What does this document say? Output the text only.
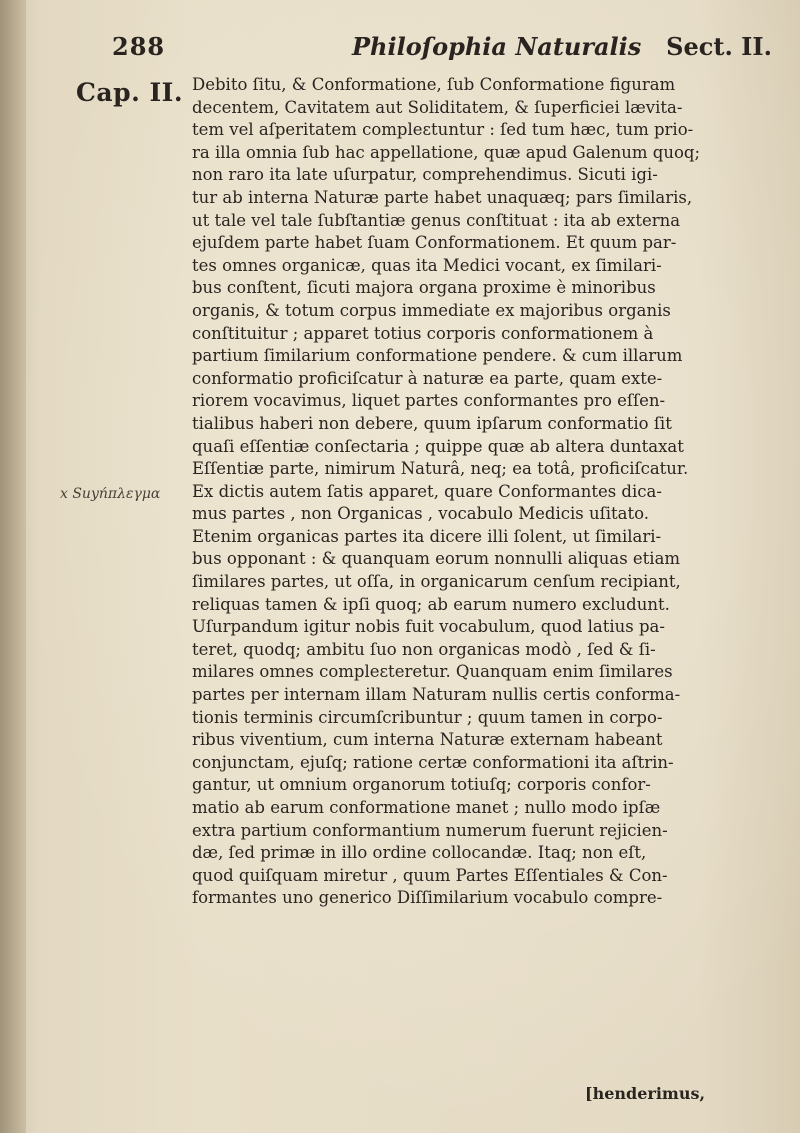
288	Philoſophia Naturalis Sect. II.
Cap. II.
x Suyńπλεγμα
Debito ſitu, & Conformatione, ſub Conformatione figuram
decentem, Cavitatem aut Soliditatem, & ſuperficiei lævita-
tem vel aſperitatem compleɛtuntur : ſed tum hæc, tum prio-
ra illa omnia ſub hac appellatione, quæ apud Galenum quoq;
non raro ita late uſurpatur, comprehendimus. Sicuti igi-
tur ab interna Naturæ parte habet unaquæq; pars ſimilaris,
ut tale vel tale ſubſtantiæ genus conſtituat : ita ab externa
ejuſdem parte habet ſuam Conformationem. Et quum par-
tes omnes organicæ, quas ita Medici vocant, ex ſimilari-
bus conſtent, ſicuti majora organa proxime è minoribus
organis, & totum corpus immediate ex majoribus organis
conſtituitur ; apparet totius corporis conformationem à
partium ſimilarium conformatione pendere. & cum illarum
conformatio proficiſcatur à naturæ ea parte, quam exte-
riorem vocavimus, liquet partes conformantes pro eſſen-
tialibus haberi non debere, quum ipſarum conformatio ſit
quaſi eſſentiæ conſectaria ; quippe quæ ab altera duntaxat
Eſſentiæ parte, nimirum Naturâ, neq; ea totâ, proficiſcatur.
Ex dictis autem ſatis apparet, quare Conformantes dica-
mus partes , non Organicas , vocabulo Medicis uſitato.
Etenim organicas partes ita dicere illi ſolent, ut ſimilari-
bus opponant : & quanquam eorum nonnulli aliquas etiam
ſimilares partes, ut oſſa, in organicarum cenſum recipiant,
reliquas tamen & ipſi quoq; ab earum numero excludunt.
Uſurpandum igitur nobis fuit vocabulum, quod latius pa-
teret, quodq; ambitu ſuo non organicas modò , ſed & ſi-
milares omnes compleɛteretur. Quanquam enim ſimilares
partes per internam illam Naturam nullis certis conforma-
tionis terminis circumſcribuntur ; quum tamen in corpo-
ribus viventium, cum interna Naturæ externam habeant
conjunctam, ejuſq; ratione certæ conformationi ita aſtrin-
gantur, ut omnium organorum totiuſq; corporis confor-
matio ab earum conformatione manet ; nullo modo ipſæ
extra partium conformantium numerum fuerunt rejicien-
dæ, ſed primæ in illo ordine collocandæ. Itaq; non eſt,
quod quiſquam miretur , quum Partes Eſſentiales & Con-
formantes uno generico Diſſimilarium vocabulo compre-
[henderimus,
